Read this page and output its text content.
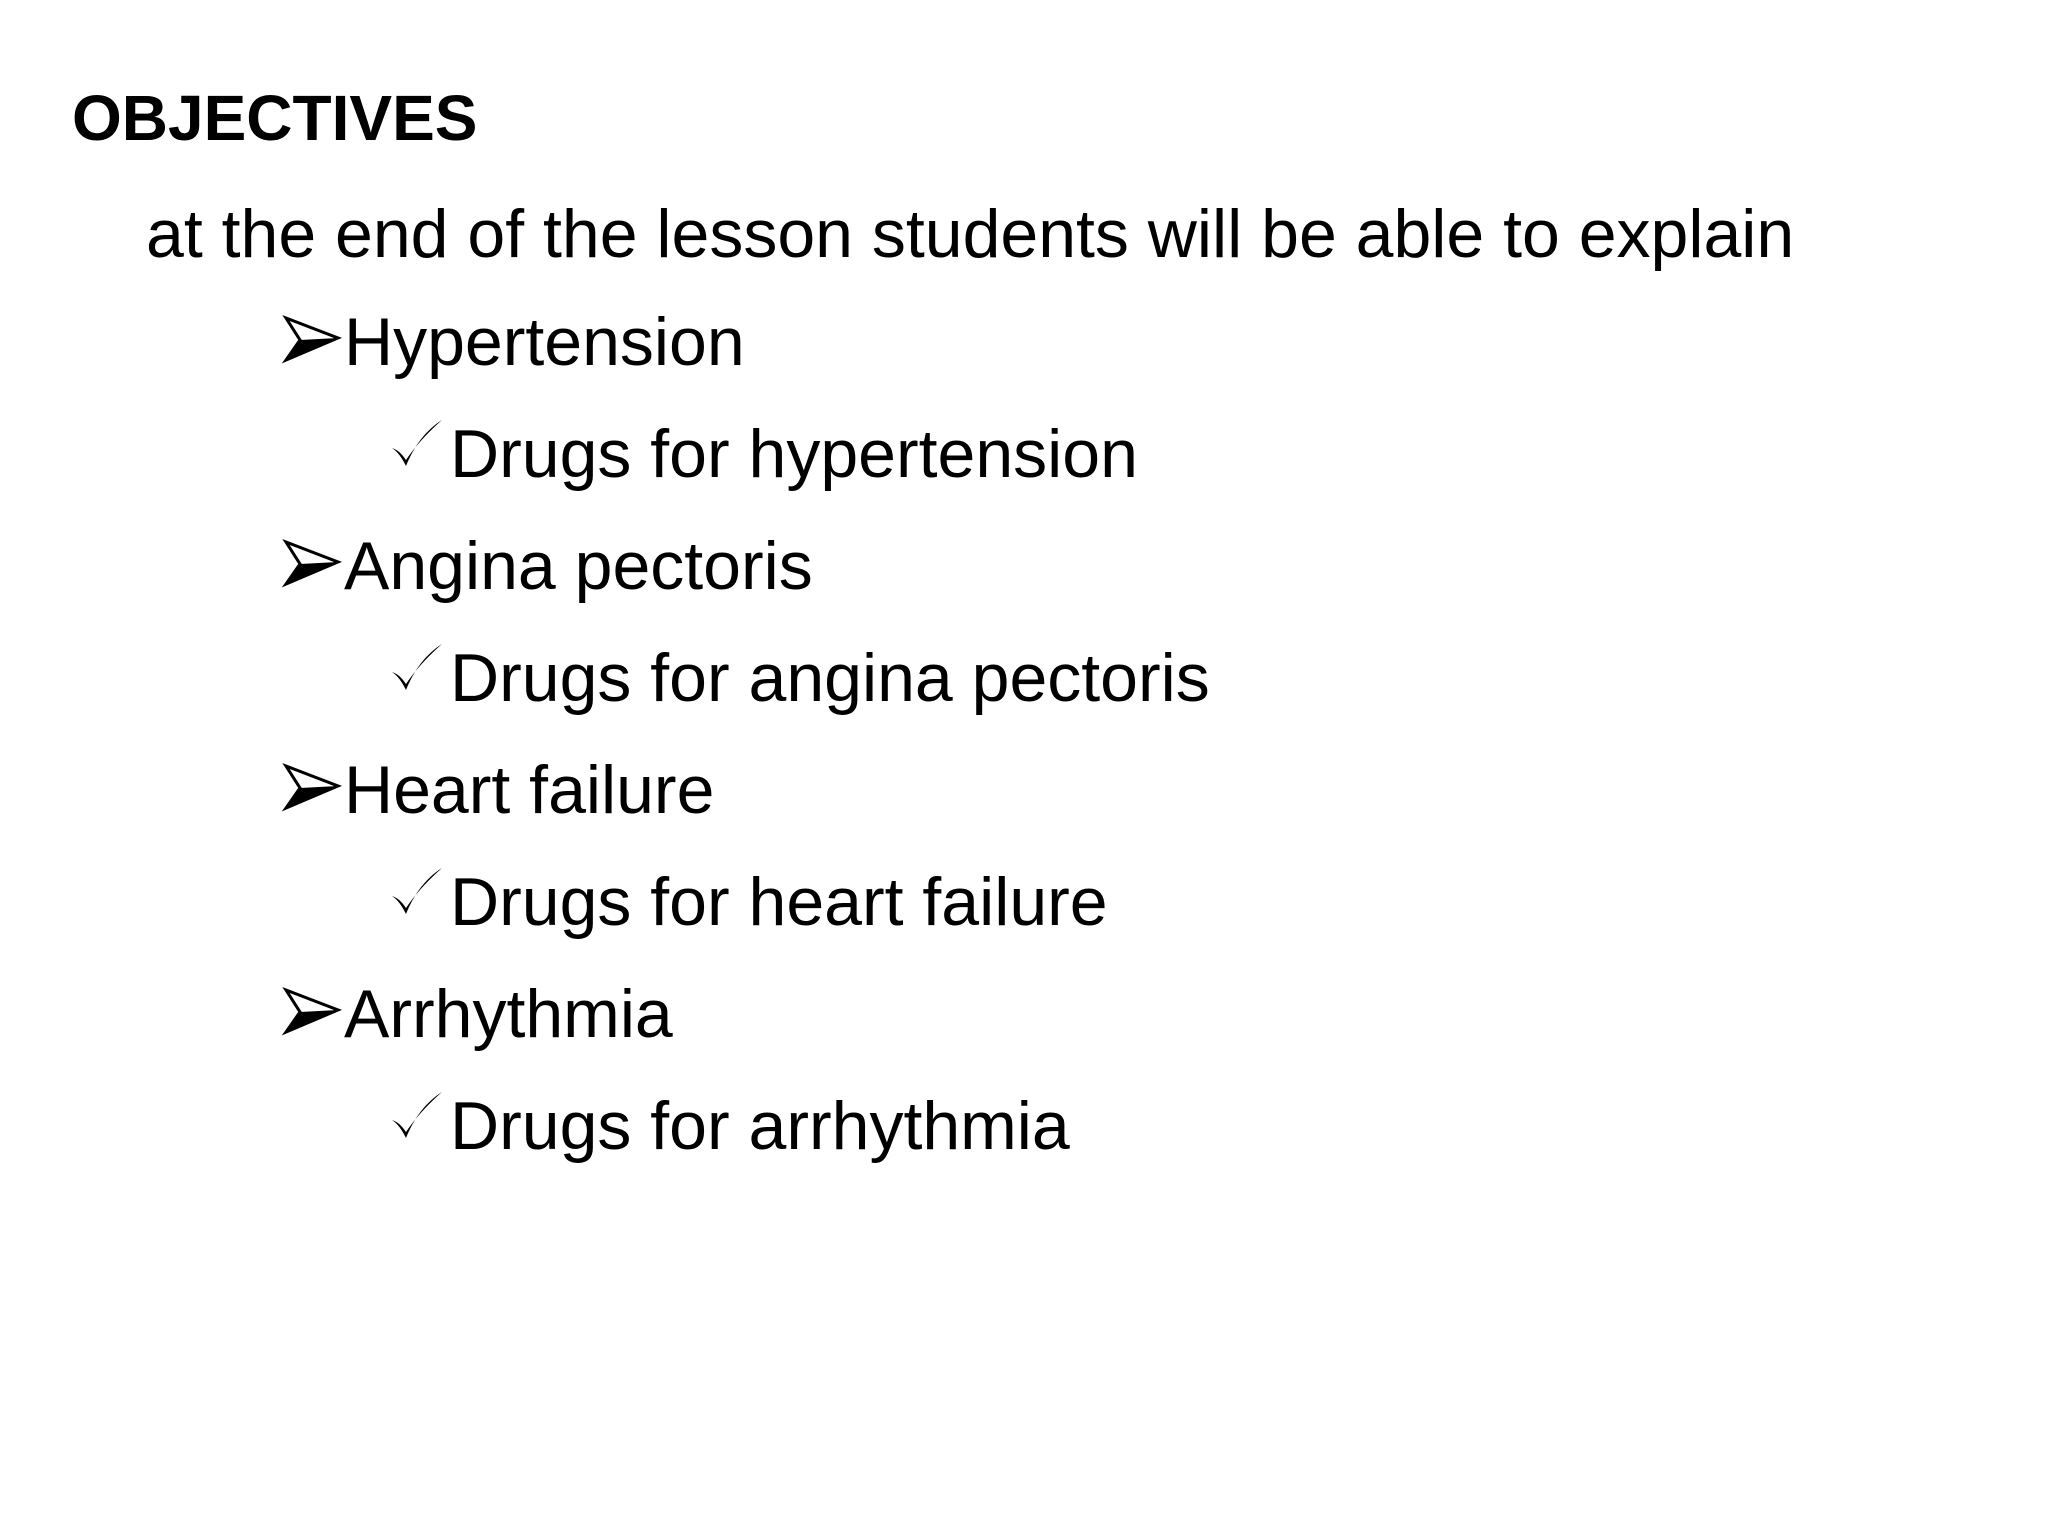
OBJECTIVES
at the end of the lesson students will be able to explain
Hypertension
Drugs for hypertension
Angina pectoris
Drugs for angina pectoris
Heart failure
Drugs for heart failure
Arrhythmia
Drugs for arrhythmia
